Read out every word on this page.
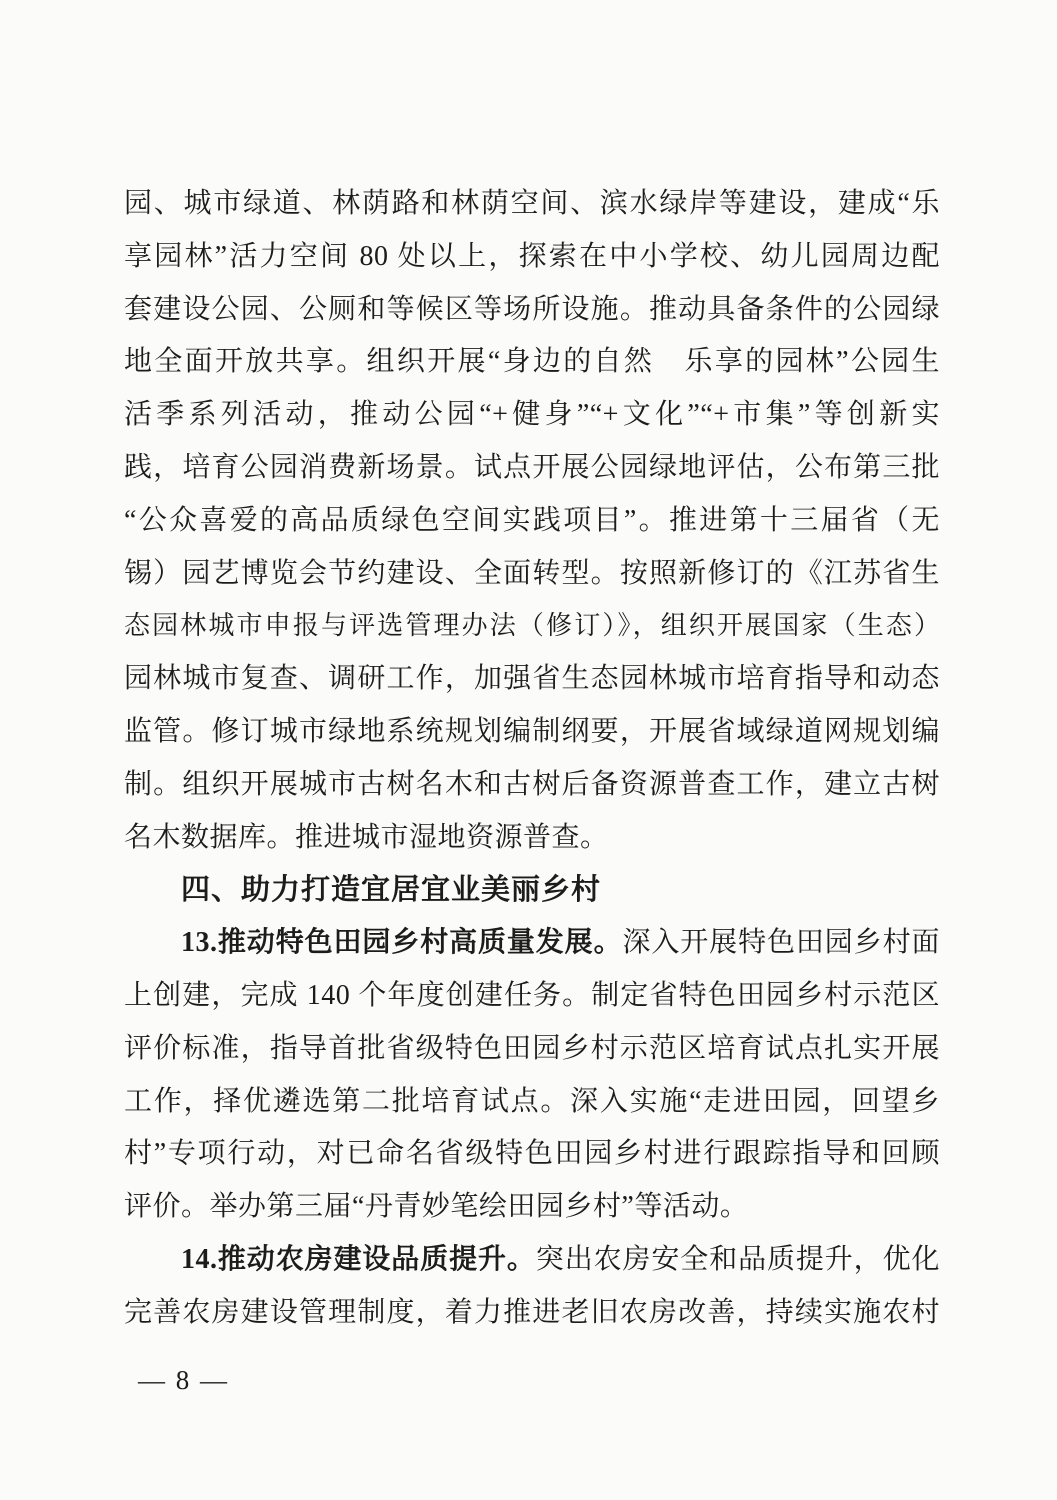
园、城市绿道、林荫路和林荫空间、滨水绿岸等建设，建成“乐
享园林”活力空间 80 处以上，探索在中小学校、幼儿园周边配
套建设公园、公厕和等候区等场所设施。推动具备条件的公园绿
地全面开放共享。组织开展“身边的自然　乐享的园林”公园生
活季系列活动，推动公园“+健身”“+文化”“+市集”等创新实
践，培育公园消费新场景。试点开展公园绿地评估，公布第三批
“公众喜爱的高品质绿色空间实践项目”。推进第十三届省（无
锡）园艺博览会节约建设、全面转型。按照新修订的《江苏省生
态园林城市申报与评选管理办法（修订）》，组织开展国家（生态）
园林城市复查、调研工作，加强省生态园林城市培育指导和动态
监管。修订城市绿地系统规划编制纲要，开展省域绿道网规划编
制。组织开展城市古树名木和古树后备资源普查工作，建立古树
名木数据库。推进城市湿地资源普查。
四、助力打造宜居宜业美丽乡村
13.推动特色田园乡村高质量发展。深入开展特色田园乡村面
上创建，完成 140 个年度创建任务。制定省特色田园乡村示范区
评价标准，指导首批省级特色田园乡村示范区培育试点扎实开展
工作，择优遴选第二批培育试点。深入实施“走进田园，回望乡
村”专项行动，对已命名省级特色田园乡村进行跟踪指导和回顾
评价。举办第三届“丹青妙笔绘田园乡村”等活动。
14.推动农房建设品质提升。突出农房安全和品质提升，优化
完善农房建设管理制度，着力推进老旧农房改善，持续实施农村
— 8 —
